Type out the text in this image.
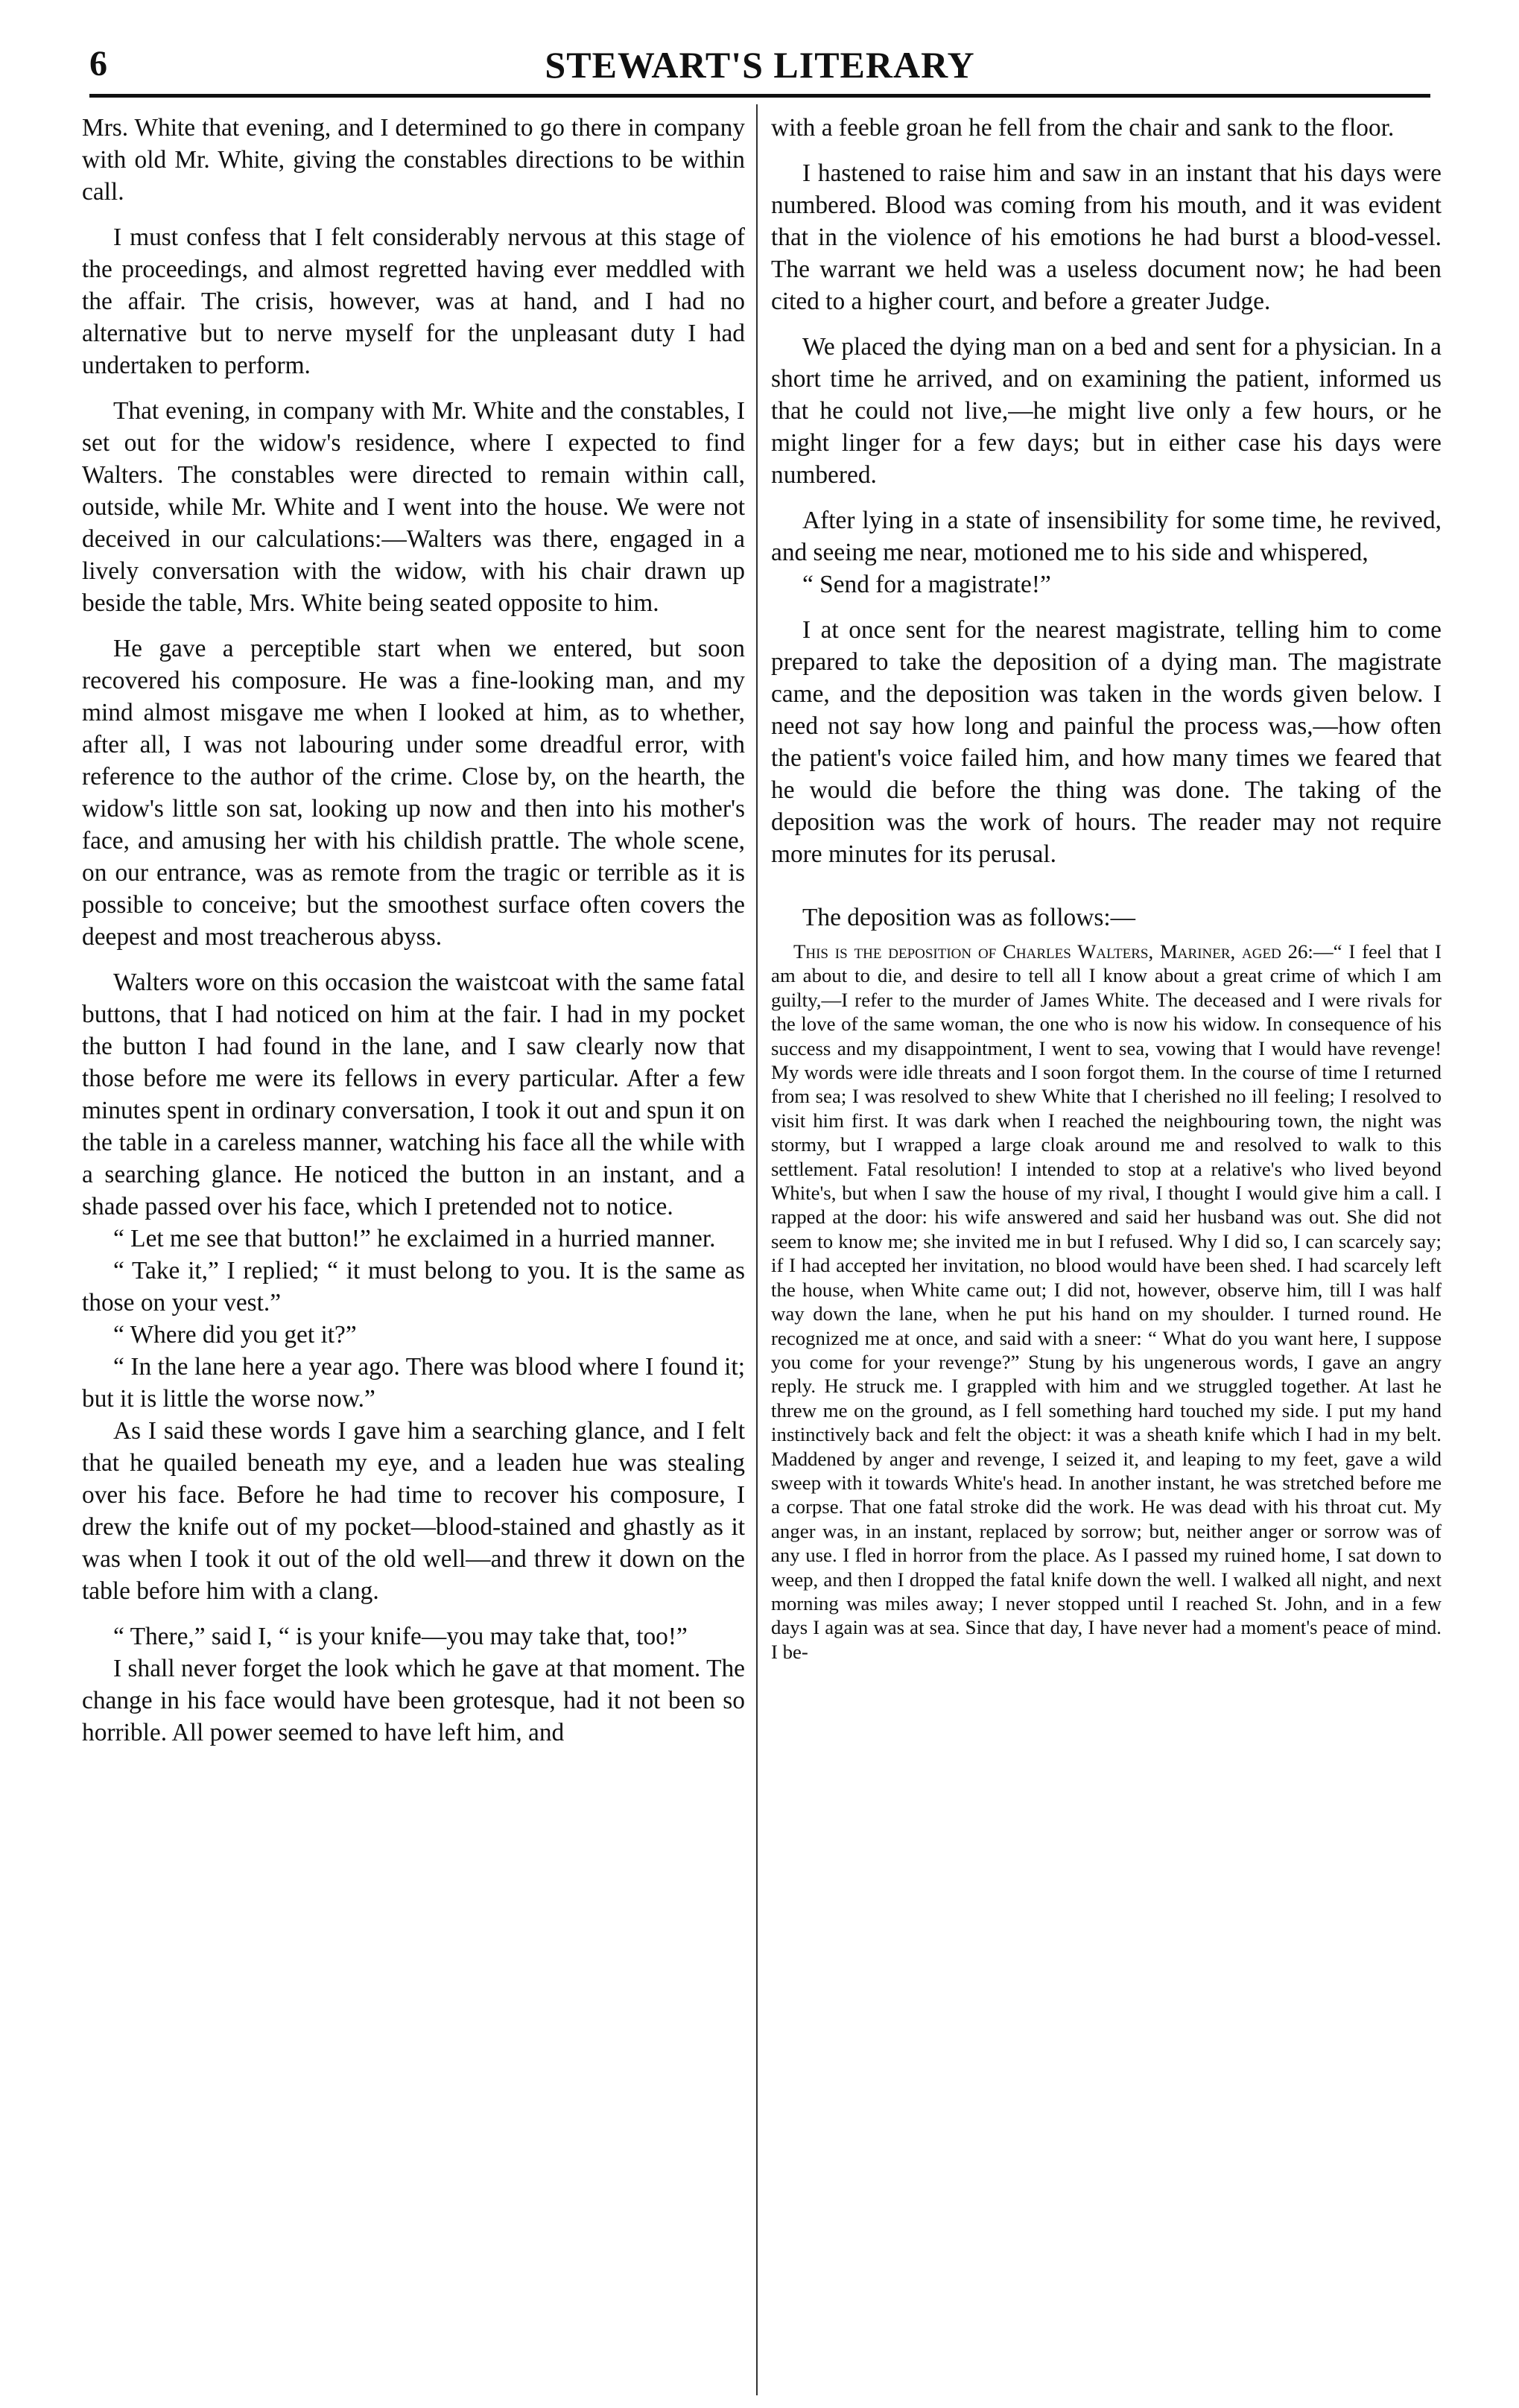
6	STEWART'S LITERARY

Mrs. White that evening, and I determined to go there in company with old Mr. White, giving the constables directions to be within call.

I must confess that I felt considerably nervous at this stage of the proceedings, and almost regretted having ever meddled with the affair. The crisis, however, was at hand, and I had no alternative but to nerve myself for the unpleasant duty I had undertaken to perform.

That evening, in company with Mr. White and the constables, I set out for the widow's residence, where I expected to find Walters. The constables were directed to remain within call, outside, while Mr. White and I went into the house. We were not deceived in our calculations:—Walters was there, engaged in a lively conversation with the widow, with his chair drawn up beside the table, Mrs. White being seated opposite to him.

He gave a perceptible start when we entered, but soon recovered his composure. He was a fine-looking man, and my mind almost misgave me when I looked at him, as to whether, after all, I was not labouring under some dreadful error, with reference to the author of the crime. Close by, on the hearth, the widow's little son sat, looking up now and then into his mother's face, and amusing her with his childish prattle. The whole scene, on our entrance, was as remote from the tragic or terrible as it is possible to conceive; but the smoothest surface often covers the deepest and most treacherous abyss.

Walters wore on this occasion the waistcoat with the same fatal buttons, that I had noticed on him at the fair. I had in my pocket the button I had found in the lane, and I saw clearly now that those before me were its fellows in every particular. After a few minutes spent in ordinary conversation, I took it out and spun it on the table in a careless manner, watching his face all the while with a searching glance. He noticed the button in an instant, and a shade passed over his face, which I pretended not to notice.

“ Let me see that button!” he exclaimed in a hurried manner.

“ Take it,” I replied; “ it must belong to you. It is the same as those on your vest.”

“ Where did you get it?”

“ In the lane here a year ago. There was blood where I found it; but it is little the worse now.”

As I said these words I gave him a searching glance, and I felt that he quailed beneath my eye, and a leaden hue was stealing over his face. Before he had time to recover his composure, I drew the knife out of my pocket—blood-stained and ghastly as it was when I took it out of the old well—and threw it down on the table before him with a clang.

“ There,” said I, “ is your knife—you may take that, too!”

I shall never forget the look which he gave at that moment. The change in his face would have been grotesque, had it not been so horrible. All power seemed to have left him, and

with a feeble groan he fell from the chair and sank to the floor.

I hastened to raise him and saw in an instant that his days were numbered. Blood was coming from his mouth, and it was evident that in the violence of his emotions he had burst a blood-vessel. The warrant we held was a useless document now; he had been cited to a higher court, and before a greater Judge.

We placed the dying man on a bed and sent for a physician. In a short time he arrived, and on examining the patient, informed us that he could not live,—he might live only a few hours, or he might linger for a few days; but in either case his days were numbered.

After lying in a state of insensibility for some time, he revived, and seeing me near, motioned me to his side and whispered,

“ Send for a magistrate!”

I at once sent for the nearest magistrate, telling him to come prepared to take the deposition of a dying man. The magistrate came, and the deposition was taken in the words given below. I need not say how long and painful the process was,—how often the patient's voice failed him, and how many times we feared that he would die before the thing was done. The taking of the deposition was the work of hours. The reader may not require more minutes for its perusal.

The deposition was as follows:—

This is the deposition of Charles Walters, Mariner, aged 26:—“ I feel that I am about to die, and desire to tell all I know about a great crime of which I am guilty,—I refer to the murder of James White. The deceased and I were rivals for the love of the same woman, the one who is now his widow. In consequence of his success and my disappointment, I went to sea, vowing that I would have revenge! My words were idle threats and I soon forgot them. In the course of time I returned from sea; I was resolved to shew White that I cherished no ill feeling; I resolved to visit him first. It was dark when I reached the neighbouring town, the night was stormy, but I wrapped a large cloak around me and resolved to walk to this settlement. Fatal resolution! I intended to stop at a relative's who lived beyond White's, but when I saw the house of my rival, I thought I would give him a call. I rapped at the door: his wife answered and said her husband was out. She did not seem to know me; she invited me in but I refused. Why I did so, I can scarcely say; if I had accepted her invitation, no blood would have been shed. I had scarcely left the house, when White came out; I did not, however, observe him, till I was half way down the lane, when he put his hand on my shoulder. I turned round. He recognized me at once, and said with a sneer: “ What do you want here, I suppose you come for your revenge?” Stung by his ungenerous words, I gave an angry reply. He struck me. I grappled with him and we struggled together. At last he threw me on the ground, as I fell something hard touched my side. I put my hand instinctively back and felt the object: it was a sheath knife which I had in my belt. Maddened by anger and revenge, I seized it, and leaping to my feet, gave a wild sweep with it towards White's head. In another instant, he was stretched before me a corpse. That one fatal stroke did the work. He was dead with his throat cut. My anger was, in an instant, replaced by sorrow; but, neither anger or sorrow was of any use. I fled in horror from the place. As I passed my ruined home, I sat down to weep, and then I dropped the fatal knife down the well. I walked all night, and next morning was miles away; I never stopped until I reached St. John, and in a few days I again was at sea. Since that day, I have never had a moment's peace of mind. I be-
